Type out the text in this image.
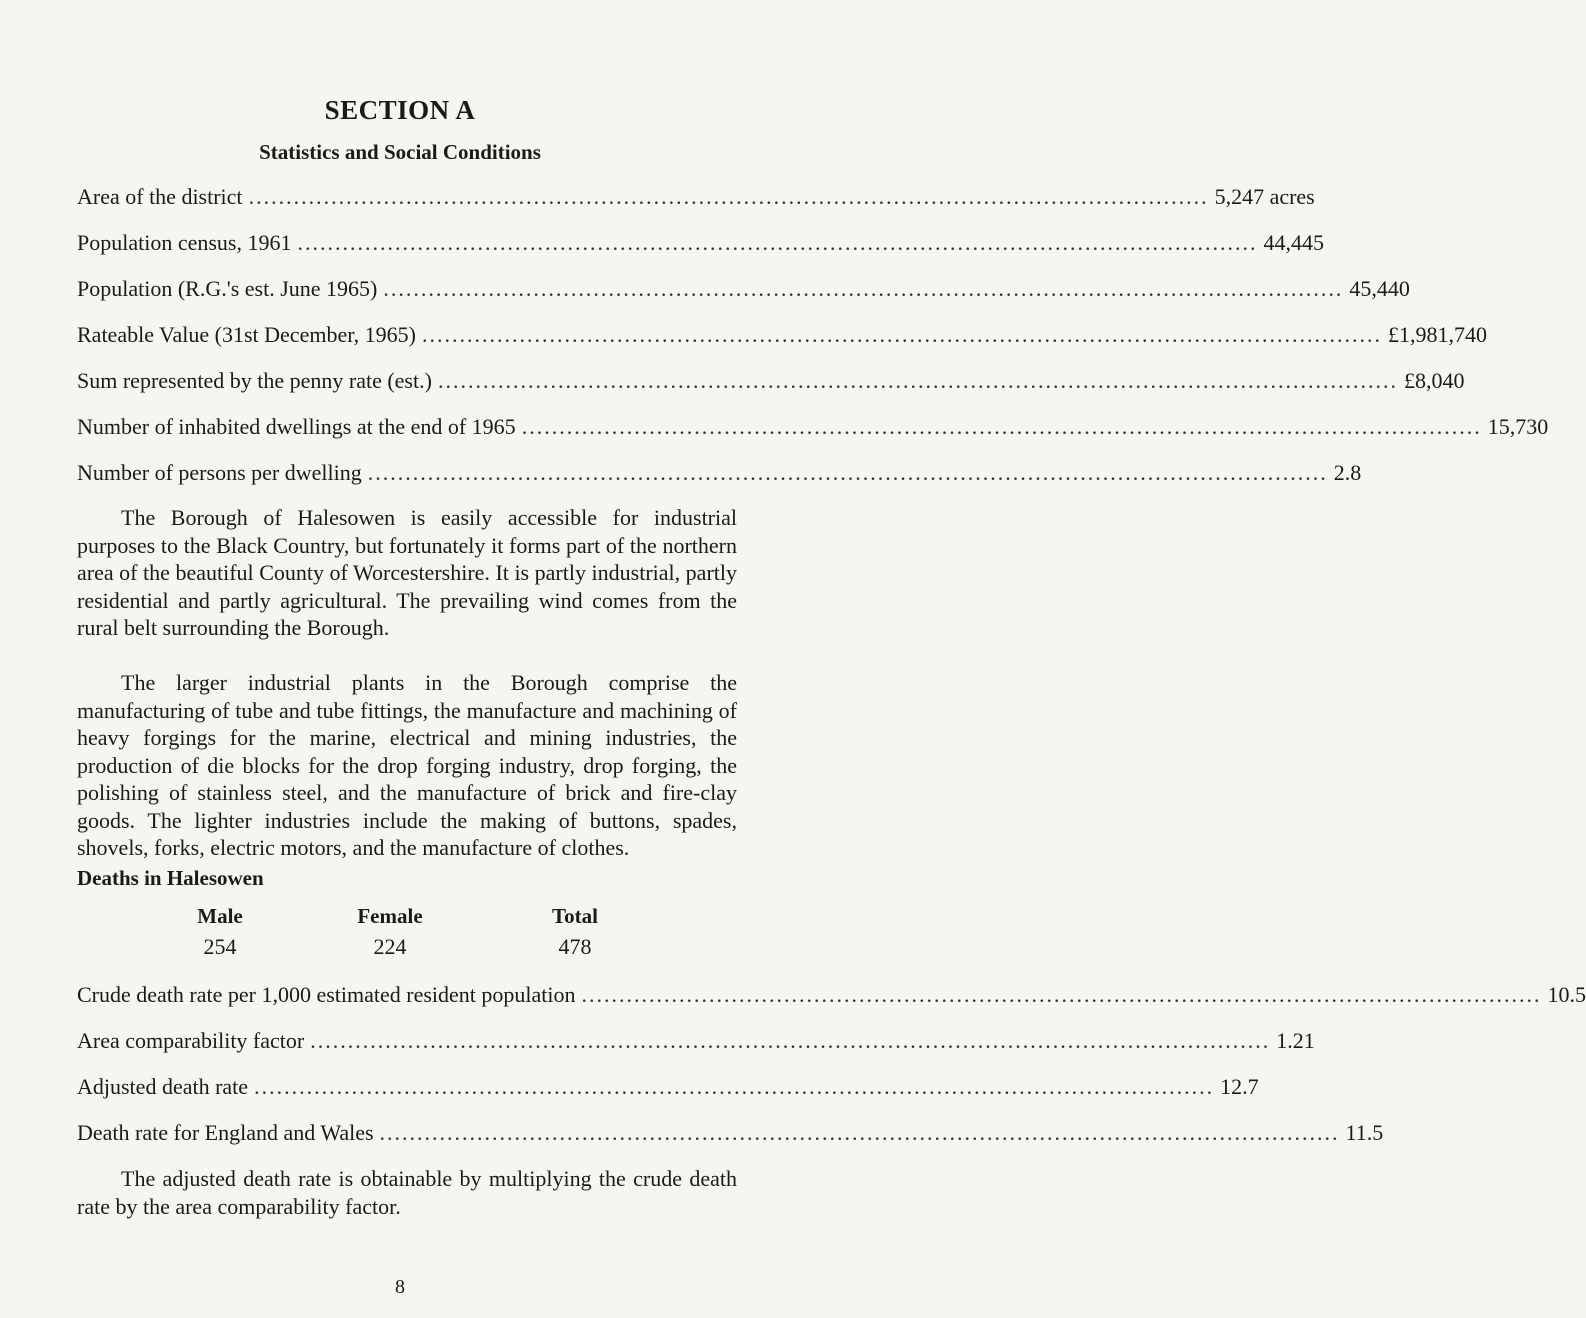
SECTION A
Statistics and Social Conditions
Area of the district ................................................................................................................................ 5,247 acres
Population census, 1961 ................................................................................................................................ 44,445
Population (R.G.'s est. June 1965) ................................................................................................................................ 45,440
Rateable Value (31st December, 1965) ................................................................................................................................ £1,981,740
Sum represented by the penny rate (est.) ................................................................................................................................ £8,040
Number of inhabited dwellings at the end of 1965 ................................................................................................................................ 15,730
Number of persons per dwelling ................................................................................................................................ 2.8

The Borough of Halesowen is easily accessible for industrial purposes to the Black Country, but fortunately it forms part of the northern area of the beautiful County of Worcestershire. It is partly industrial, partly residential and partly agricultural. The prevailing wind comes from the rural belt surrounding the Borough.

The larger industrial plants in the Borough comprise the manufacturing of tube and tube fittings, the manufacture and machining of heavy forgings for the marine, electrical and mining industries, the production of die blocks for the drop forging industry, drop forging, the polishing of stainless steel, and the manufacture of brick and fire-clay goods. The lighter industries include the making of buttons, spades, shovels, forks, electric motors, and the manufacture of clothes.

Deaths in Halesowen
Male	Female	Total
254	224	478
Crude death rate per 1,000 estimated resident population ................................................................................................................................ 10.5
Area comparability factor ................................................................................................................................ 1.21
Adjusted death rate ................................................................................................................................ 12.7
Death rate for England and Wales ................................................................................................................................ 11.5

The adjusted death rate is obtainable by multiplying the crude death rate by the area comparability factor.

8
